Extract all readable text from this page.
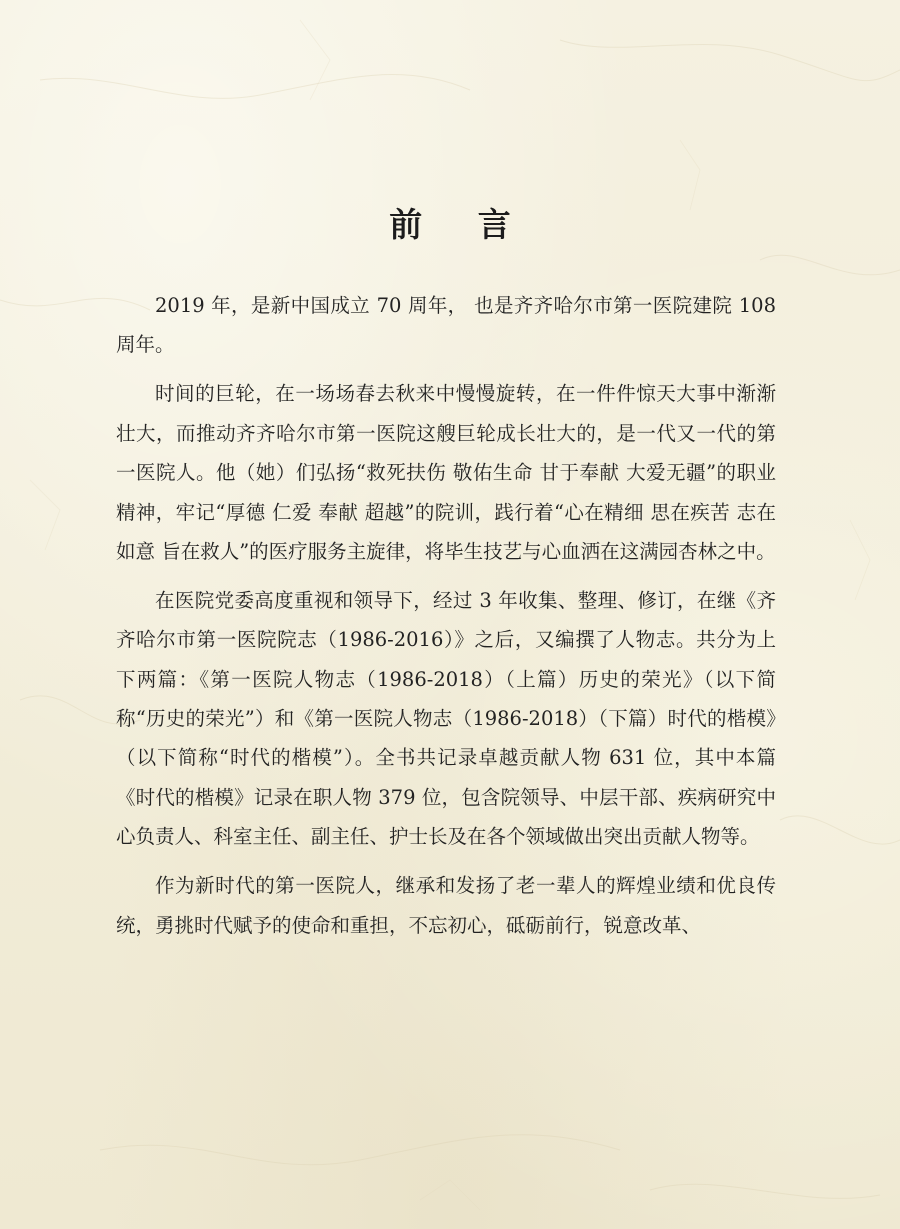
前 言

2019 年，是新中国成立 70 周年， 也是齐齐哈尔市第一医院建院 108 周年。

时间的巨轮，在一场场春去秋来中慢慢旋转，在一件件惊天大事中渐渐壮大，而推动齐齐哈尔市第一医院这艘巨轮成长壮大的，是一代又一代的第一医院人。他（她）们弘扬“救死扶伤 敬佑生命 甘于奉献 大爱无疆”的职业精神，牢记“厚德 仁爱 奉献 超越”的院训，践行着“心在精细 思在疾苦 志在如意 旨在救人”的医疗服务主旋律，将毕生技艺与心血洒在这满园杏林之中。

在医院党委高度重视和领导下，经过 3 年收集、整理、修订，在继《齐齐哈尔市第一医院院志（1986-2016）》之后，又编撰了人物志。共分为上下两篇：《第一医院人物志（1986-2018）（上篇）历史的荣光》（以下简称“历史的荣光”）和《第一医院人物志（1986-2018）（下篇）时代的楷模》（以下简称“时代的楷模”）。全书共记录卓越贡献人物 631 位，其中本篇《时代的楷模》记录在职人物 379 位，包含院领导、中层干部、疾病研究中心负责人、科室主任、副主任、护士长及在各个领域做出突出贡献人物等。

作为新时代的第一医院人，继承和发扬了老一辈人的辉煌业绩和优良传统，勇挑时代赋予的使命和重担，不忘初心，砥砺前行，锐意改革、
